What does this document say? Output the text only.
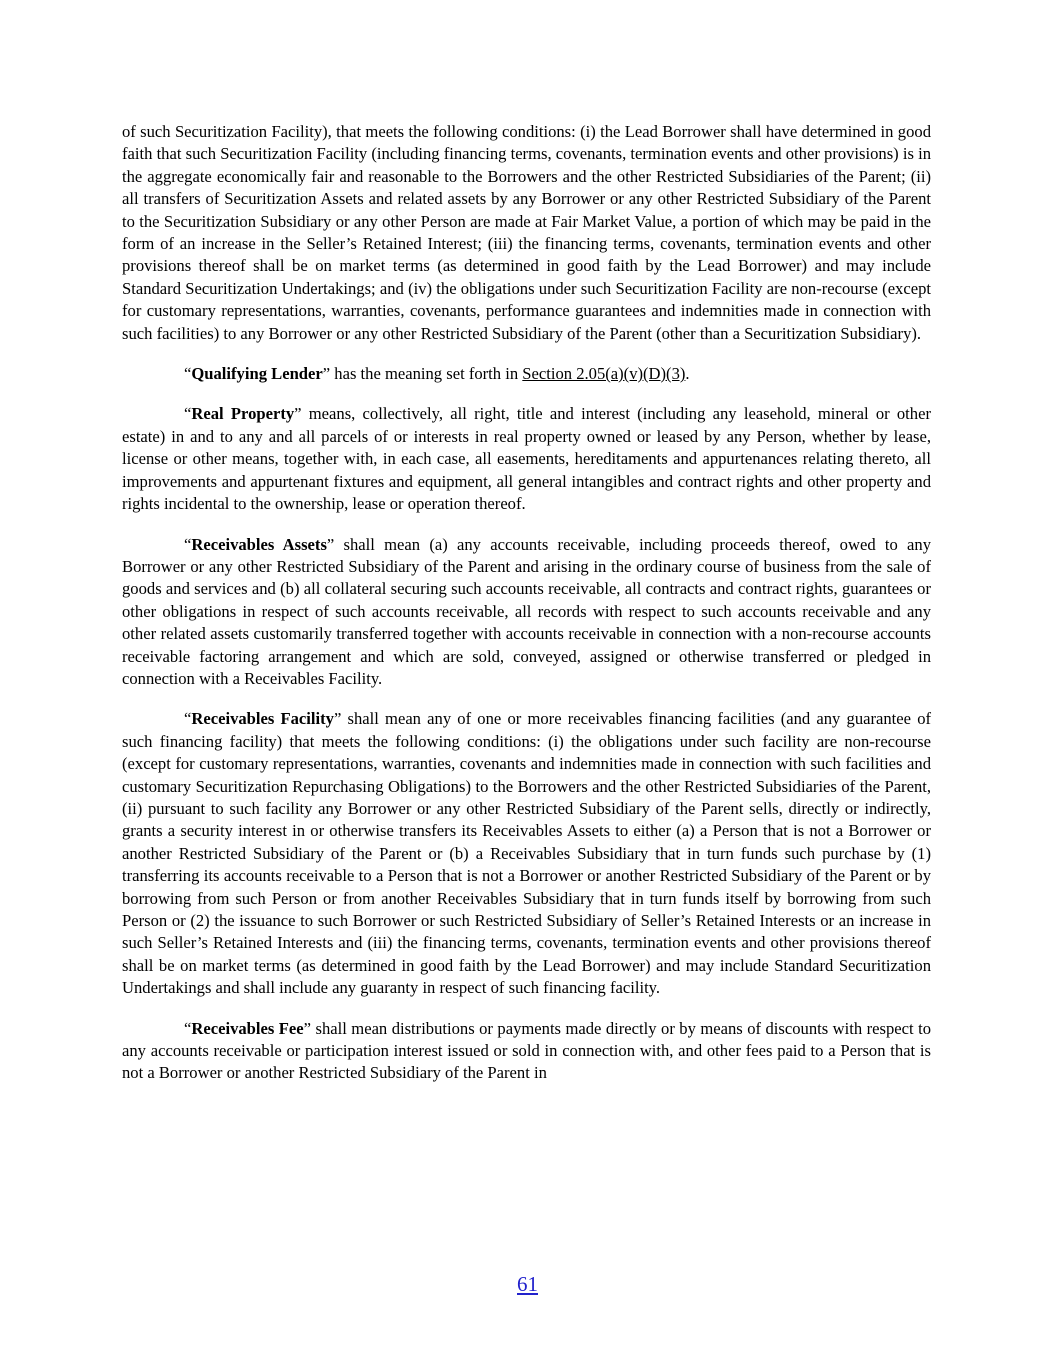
of such Securitization Facility), that meets the following conditions: (i) the Lead Borrower shall have determined in good faith that such Securitization Facility (including financing terms, covenants, termination events and other provisions) is in the aggregate economically fair and reasonable to the Borrowers and the other Restricted Subsidiaries of the Parent; (ii) all transfers of Securitization Assets and related assets by any Borrower or any other Restricted Subsidiary of the Parent to the Securitization Subsidiary or any other Person are made at Fair Market Value, a portion of which may be paid in the form of an increase in the Seller’s Retained Interest; (iii) the financing terms, covenants, termination events and other provisions thereof shall be on market terms (as determined in good faith by the Lead Borrower) and may include Standard Securitization Undertakings; and (iv) the obligations under such Securitization Facility are non-recourse (except for customary representations, warranties, covenants, performance guarantees and indemnities made in connection with such facilities) to any Borrower or any other Restricted Subsidiary of the Parent (other than a Securitization Subsidiary).

“Qualifying Lender” has the meaning set forth in Section 2.05(a)(v)(D)(3).

“Real Property” means, collectively, all right, title and interest (including any leasehold, mineral or other estate) in and to any and all parcels of or interests in real property owned or leased by any Person, whether by lease, license or other means, together with, in each case, all easements, hereditaments and appurtenances relating thereto, all improvements and appurtenant fixtures and equipment, all general intangibles and contract rights and other property and rights incidental to the ownership, lease or operation thereof.

“Receivables Assets” shall mean (a) any accounts receivable, including proceeds thereof, owed to any Borrower or any other Restricted Subsidiary of the Parent and arising in the ordinary course of business from the sale of goods and services and (b) all collateral securing such accounts receivable, all contracts and contract rights, guarantees or other obligations in respect of such accounts receivable, all records with respect to such accounts receivable and any other related assets customarily transferred together with accounts receivable in connection with a non-recourse accounts receivable factoring arrangement and which are sold, conveyed, assigned or otherwise transferred or pledged in connection with a Receivables Facility.

“Receivables Facility” shall mean any of one or more receivables financing facilities (and any guarantee of such financing facility) that meets the following conditions: (i) the obligations under such facility are non-recourse (except for customary representations, warranties, covenants and indemnities made in connection with such facilities and customary Securitization Repurchasing Obligations) to the Borrowers and the other Restricted Subsidiaries of the Parent, (ii) pursuant to such facility any Borrower or any other Restricted Subsidiary of the Parent sells, directly or indirectly, grants a security interest in or otherwise transfers its Receivables Assets to either (a) a Person that is not a Borrower or another Restricted Subsidiary of the Parent or (b) a Receivables Subsidiary that in turn funds such purchase by (1) transferring its accounts receivable to a Person that is not a Borrower or another Restricted Subsidiary of the Parent or by borrowing from such Person or from another Receivables Subsidiary that in turn funds itself by borrowing from such Person or (2) the issuance to such Borrower or such Restricted Subsidiary of Seller’s Retained Interests or an increase in such Seller’s Retained Interests and (iii) the financing terms, covenants, termination events and other provisions thereof shall be on market terms (as determined in good faith by the Lead Borrower) and may include Standard Securitization Undertakings and shall include any guaranty in respect of such financing facility.

“Receivables Fee” shall mean distributions or payments made directly or by means of discounts with respect to any accounts receivable or participation interest issued or sold in connection with, and other fees paid to a Person that is not a Borrower or another Restricted Subsidiary of the Parent in

61
